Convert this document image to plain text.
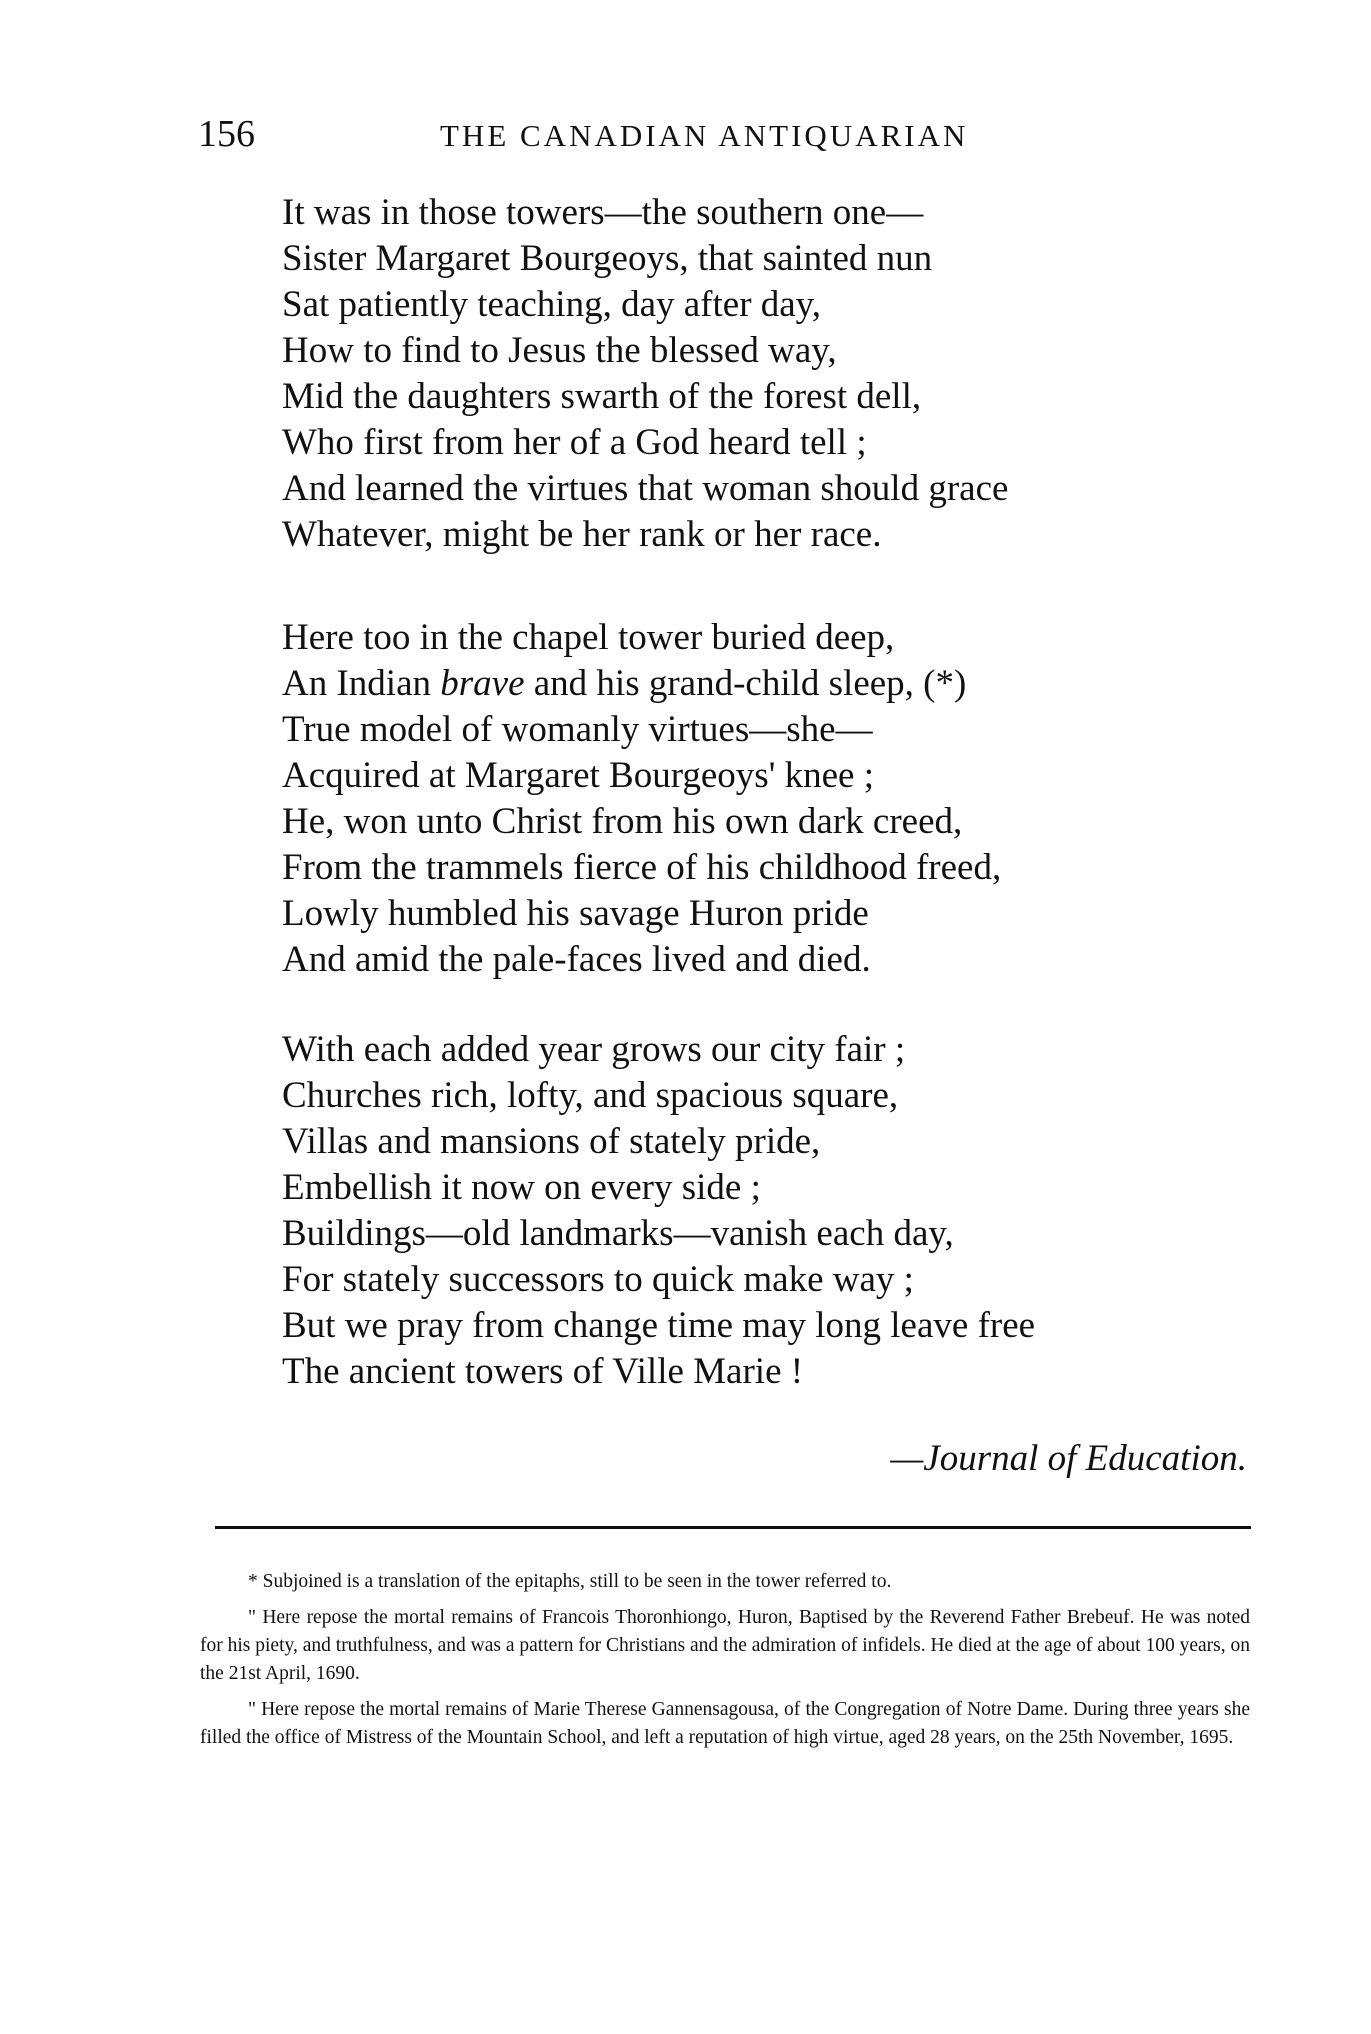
156	THE CANADIAN ANTIQUARIAN
It was in those towers—the southern one—
Sister Margaret Bourgeoys, that sainted nun
Sat patiently teaching, day after day,
How to find to Jesus the blessed way,
Mid the daughters swarth of the forest dell,
Who first from her of a God heard tell ;
And learned the virtues that woman should grace
Whatever, might be her rank or her race.
Here too in the chapel tower buried deep,
An Indian brave and his grand-child sleep, (*)
True model of womanly virtues—she—
Acquired at Margaret Bourgeoys' knee ;
He, won unto Christ from his own dark creed,
From the trammels fierce of his childhood freed,
Lowly humbled his savage Huron pride
And amid the pale-faces lived and died.
With each added year grows our city fair ;
Churches rich, lofty, and spacious square,
Villas and mansions of stately pride,
Embellish it now on every side ;
Buildings—old landmarks—vanish each day,
For stately successors to quick make way ;
But we pray from change time may long leave free
The ancient towers of Ville Marie !
—Journal of Education.

* Subjoined is a translation of the epitaphs, still to be seen in the tower referred to.

" Here repose the mortal remains of Francois Thoronhiongo, Huron, Baptised by the Reverend Father Brebeuf. He was noted for his piety, and truthfulness, and was a pattern for Christians and the admiration of infidels. He died at the age of about 100 years, on the 21st April, 1690.

" Here repose the mortal remains of Marie Therese Gannensagousa, of the Congregation of Notre Dame. During three years she filled the office of Mistress of the Mountain School, and left a reputation of high virtue, aged 28 years, on the 25th November, 1695.
